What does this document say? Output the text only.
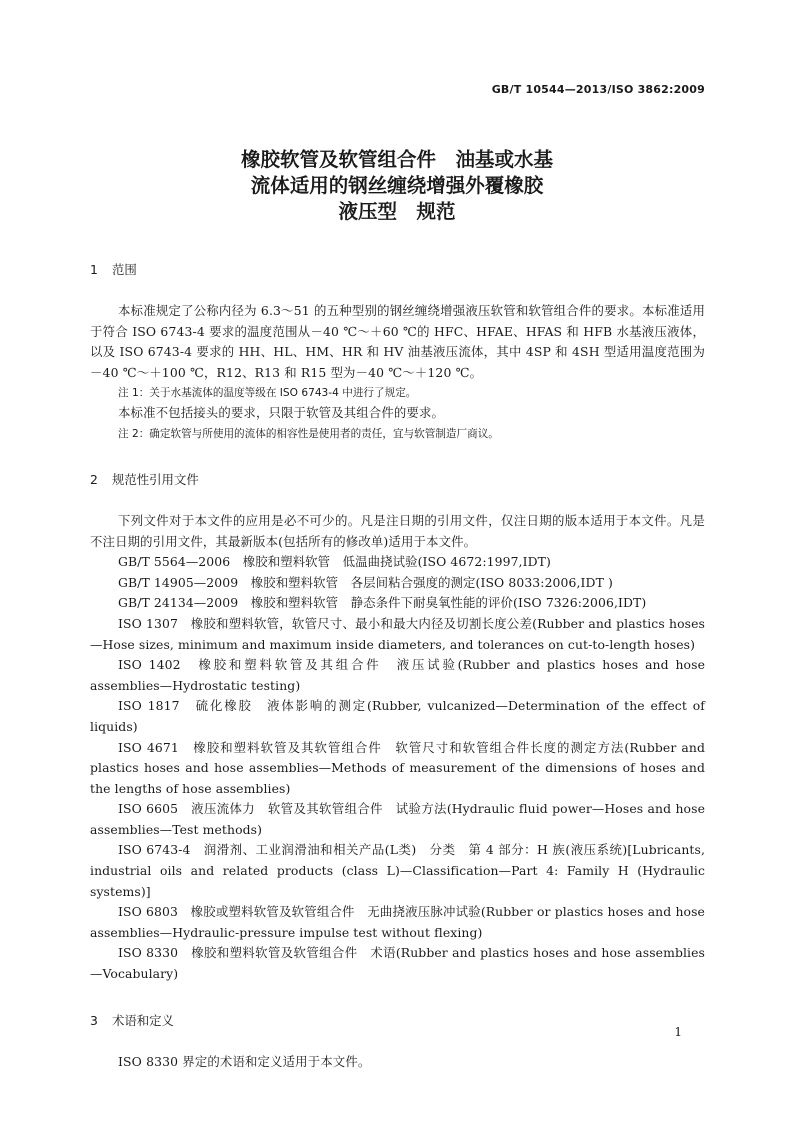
GB/T 10544—2013/ISO 3862:2009
橡胶软管及软管组合件　油基或水基
流体适用的钢丝缠绕增强外覆橡胶
液压型　规范
1 范围

本标准规定了公称内径为 6.3～51 的五种型别的钢丝缠绕增强液压软管和软管组合件的要求。本标准适用于符合 ISO 6743-4 要求的温度范围从－40 ℃～＋60 ℃的 HFC、HFAE、HFAS 和 HFB 水基液压液体，以及 ISO 6743-4 要求的 HH、HL、HM、HR 和 HV 油基液压流体，其中 4SP 和 4SH 型适用温度范围为－40 ℃～＋100 ℃，R12、R13 和 R15 型为－40 ℃～＋120 ℃。

注 1：关于水基流体的温度等级在 ISO 6743-4 中进行了规定。

本标准不包括接头的要求，只限于软管及其组合件的要求。

注 2：确定软管与所使用的流体的相容性是使用者的责任，宜与软管制造厂商议。

2 规范性引用文件

下列文件对于本文件的应用是必不可少的。凡是注日期的引用文件，仅注日期的版本适用于本文件。凡是不注日期的引用文件，其最新版本(包括所有的修改单)适用于本文件。

GB/T 5564—2006　橡胶和塑料软管　低温曲挠试验(ISO 4672:1997,IDT)

GB/T 14905—2009　橡胶和塑料软管　各层间粘合强度的测定(ISO 8033:2006,IDT )

GB/T 24134—2009　橡胶和塑料软管　静态条件下耐臭氧性能的评价(ISO 7326:2006,IDT)

ISO 1307　橡胶和塑料软管，软管尺寸、最小和最大内径及切割长度公差(Rubber and plastics hoses—Hose sizes, minimum and maximum inside diameters, and tolerances on cut-to-length hoses)

ISO 1402　橡胶和塑料软管及其组合件　液压试验(Rubber and plastics hoses and hose assemblies—Hydrostatic testing)

ISO 1817　硫化橡胶　液体影响的测定(Rubber, vulcanized—Determination of the effect of liquids)

ISO 4671　橡胶和塑料软管及其软管组合件　软管尺寸和软管组合件长度的测定方法(Rubber and plastics hoses and hose assemblies—Methods of measurement of the dimensions of hoses and the lengths of hose assemblies)

ISO 6605　液压流体力　软管及其软管组合件　试验方法(Hydraulic fluid power—Hoses and hose assemblies—Test methods)

ISO 6743-4　润滑剂、工业润滑油和相关产品(L类)　分类　第 4 部分：H 族(液压系统)[Lubricants, industrial oils and related products (class L)—Classification—Part 4: Family H (Hydraulic systems)]

ISO 6803　橡胶或塑料软管及软管组合件　无曲挠液压脉冲试验(Rubber or plastics hoses and hose assemblies—Hydraulic-pressure impulse test without flexing)

ISO 8330　橡胶和塑料软管及软管组合件　术语(Rubber and plastics hoses and hose assemblies—Vocabulary)

3 术语和定义

ISO 8330 界定的术语和定义适用于本文件。

1
